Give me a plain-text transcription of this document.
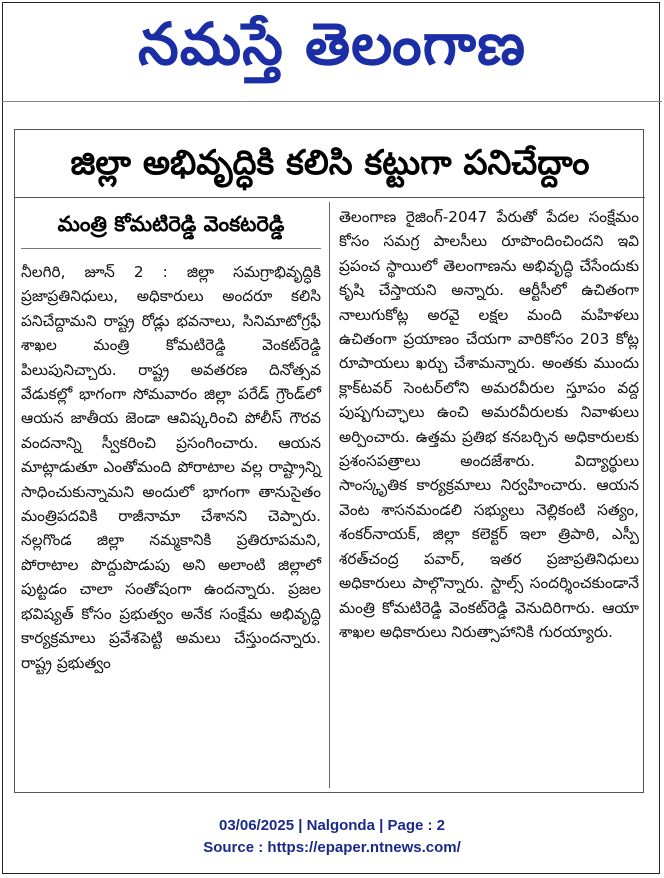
నమస్తే తెలంగాణ
జిల్లా అభివృద్ధికి కలిసి కట్టుగా పనిచేద్దాం
మంత్రి కోమటిరెడ్డి వెంకటరెడ్డి

నీలగిరి, జూన్ 2 : జిల్లా సమగ్రాభివృద్ధికి ప్రజాప్రతినిధులు, అధికారులు అందరూ కలిసి పనిచేద్దామని రాష్ట్ర రోడ్లు భవనాలు, సినిమాటోగ్రఫీ శాఖల మంత్రి కోమటిరెడ్డి వెంకట్‌రెడ్డి పిలుపునిచ్చారు. రాష్ట్ర అవతరణ దినోత్సవ వేడుకల్లో భాగంగా సోమవారం జిల్లా పరేడ్ గ్రౌండ్‌లో ఆయన జాతీయ జెండా ఆవిష్కరించి పోలీస్ గౌరవ వందనాన్ని స్వీకరించి ప్రసంగించారు. ఆయన మాట్లాడుతూ ఎంతోమంది పోరాటాల వల్ల రాష్ట్రాన్ని సాధించుకున్నామని అందులో భాగంగా తానుసైతం మంత్రిపదవికి రాజీనామా చేశానని చెప్పారు. నల్లగొండ జిల్లా నమ్మకానికి ప్రతిరూపమని, పోరాటాల పొద్దుపొడుపు అని అలాంటి జిల్లాలో పుట్టడం చాలా సంతోషంగా ఉందన్నారు. ప్రజల భవిష్యత్ కోసం ప్రభుత్వం అనేక సంక్షేమ అభివృద్ధి కార్యక్రమాలు ప్రవేశపెట్టి అమలు చేస్తుందన్నారు. రాష్ట్ర ప్రభుత్వం

తెలంగాణ రైజింగ్-2047 పేరుతో పేదల సంక్షేమం కోసం సమగ్ర పాలసీలు రూపొందించిందని ఇవి ప్రపంచ స్థాయిలో తెలంగాణను అభివృద్ధి చేసేందుకు కృషి చేస్తాయని అన్నారు. ఆర్టీసీలో ఉచితంగా నాలుగుకోట్ల అరవై లక్షల మంది మహిళలు ఉచితంగా ప్రయాణం చేయగా వారికోసం 203 కోట్ల రూపాయలు ఖర్చు చేశామన్నారు. అంతకు ముందు క్లాక్‌టవర్ సెంటర్‌లోని అమరవీరుల స్తూపం వద్ద పుష్పగుచ్ఛాలు ఉంచి అమరవీరులకు నివాళులు అర్పించారు. ఉత్తమ ప్రతిభ కనబర్చిన అధికారులకు ప్రశంసపత్రాలు అందజేశారు. విద్యార్థులు సాంస్కృతిక కార్యక్రమాలు నిర్వహించారు. ఆయన వెంట శాసనమండలి సభ్యులు నెల్లికంటి సత్యం, శంకర్‌నాయక్, జిల్లా కలెక్టర్ ఇలా త్రిపాఠి, ఎస్పీ శరత్‌చంద్ర పవార్, ఇతర ప్రజాప్రతినిధులు అధికారులు పాల్గొన్నారు. స్టాల్స్ సందర్శించకుండానే మంత్రి కోమటిరెడ్డి వెంకట్‌రెడ్డి వెనుదిరిగారు. ఆయా శాఖల అధికారులు నిరుత్సాహానికి గురయ్యారు.

03/06/2025 | Nalgonda | Page : 2
Source : https://epaper.ntnews.com/
